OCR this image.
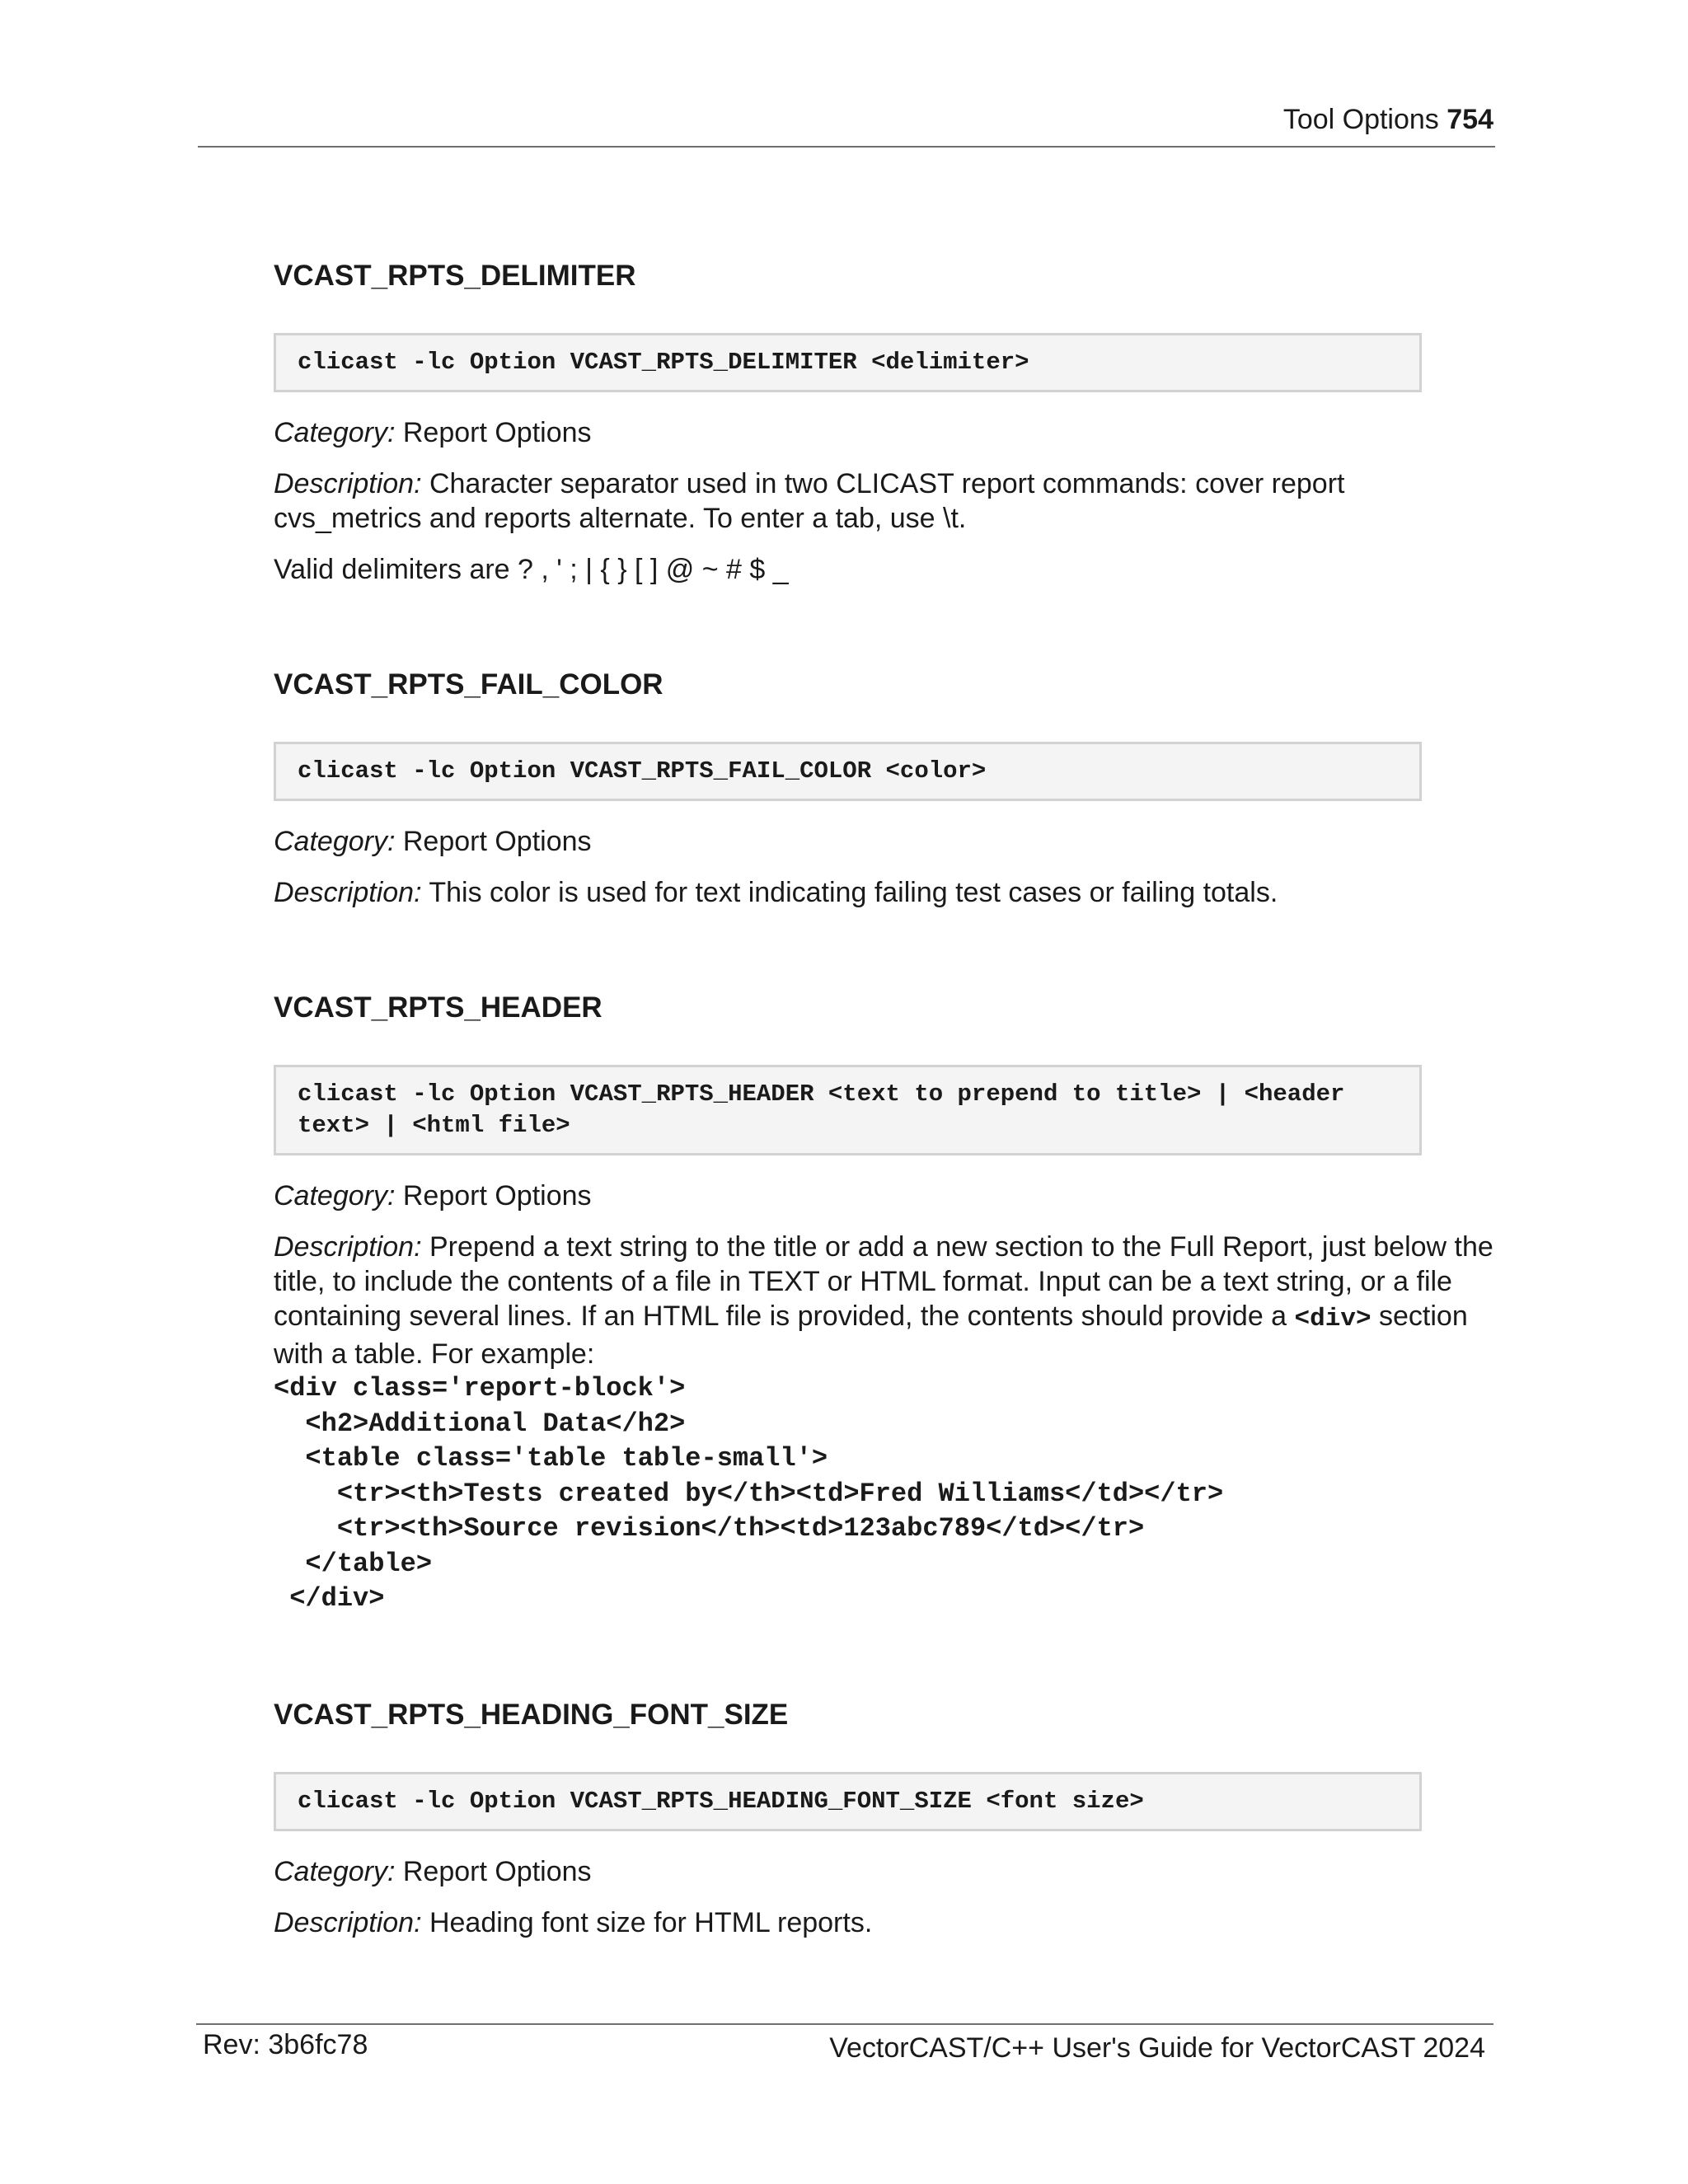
Tool Options 754
VCAST_RPTS_DELIMITER
clicast -lc Option VCAST_RPTS_DELIMITER <delimiter>

Category: Report Options

Description: Character separator used in two CLICAST report commands: cover report cvs_metrics and reports alternate. To enter a tab, use \t.

Valid delimiters are ? , ' ; | { } [ ] @ ~ # $ _

VCAST_RPTS_FAIL_COLOR
clicast -lc Option VCAST_RPTS_FAIL_COLOR <color>

Category: Report Options

Description: This color is used for text indicating failing test cases or failing totals.

VCAST_RPTS_HEADER
clicast -lc Option VCAST_RPTS_HEADER <text to prepend to title> | <header text> | <html file>

Category: Report Options

Description: Prepend a text string to the title or add a new section to the Full Report, just below the title, to include the contents of a file in TEXT or HTML format. Input can be a text string, or a file containing several lines. If an HTML file is provided, the contents should provide a <div> section with a table. For example:

<div class='report-block'>
<h2>Additional Data</h2>
<table class='table table-small'>
<tr><th>Tests created by</th><td>Fred Williams</td></tr>
<tr><th>Source revision</th><td>123abc789</td></tr>
</table>
</div>
VCAST_RPTS_HEADING_FONT_SIZE
clicast -lc Option VCAST_RPTS_HEADING_FONT_SIZE <font size>

Category: Report Options

Description: Heading font size for HTML reports.

Rev: 3b6fc78	VectorCAST/C++ User's Guide for VectorCAST 2024
